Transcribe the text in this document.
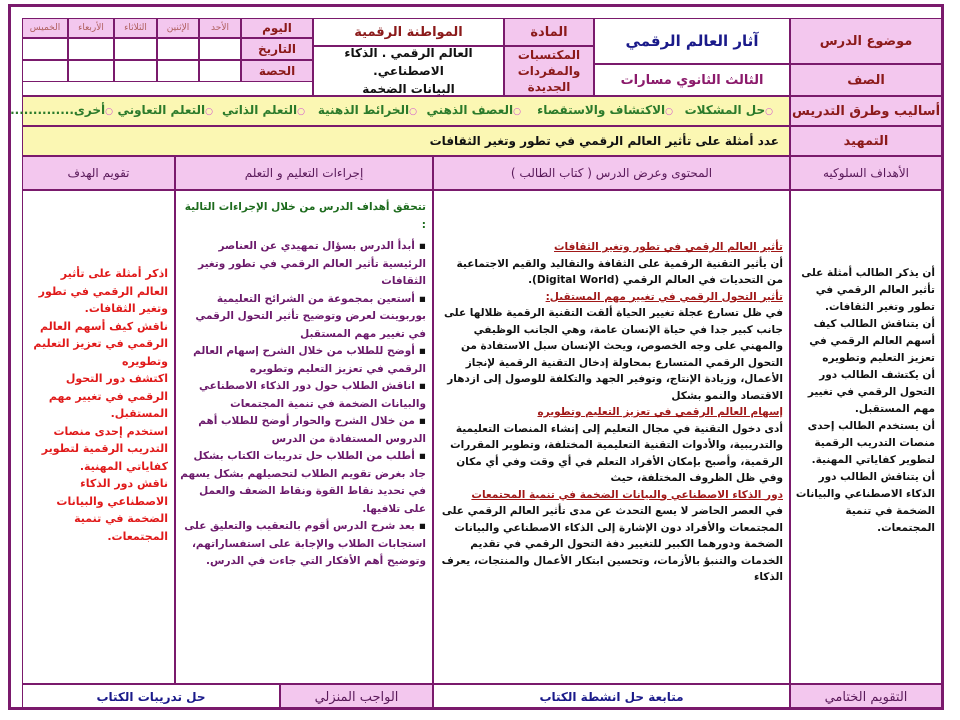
موضوع الدرس
آثار العالم الرقمي
المادة
المواطنة الرقمية
اليوم
التاريخ
الحصة
الأحد
الإثنين
الثلاثاء
الأربعاء
الخميس
المكتسبات
والمفردات الجديدة
العالم الرقمي . الذكاء الاصطناعي.
البيانات الضخمة
الصف
الثالث الثانوي مسارات
أساليب وطرق التدريس
○حل المشكلات
○الاكتشاف والاستقصاء
○العصف الذهني
○الخرائط الذهنية
○التعلم الذاتي
○التعلم التعاوني
○أخرى..............
التمهيد
عدد أمثلة على تأثير العالم الرقمي في تطور وتغير الثقافات
الأهداف السلوكيه
المحتوى وعرض الدرس ( كتاب الطالب )
إجراءات التعليم و التعلم
تقويم الهدف
أن يذكر الطالب أمثلة على تأثير العالم الرقمي في تطور وتغير الثقافات.
أن يتناقش الطالب كيف أسهم العالم الرقمي في تعزيز التعليم وتطويره
أن يكتشف الطالب دور التحول الرقمي في تغيير مهم المستقبل.
أن يستخدم الطالب إحدى منصات التدريب الرقمية لتطوير كفاياتي المهنية.
أن يتناقش الطالب دور الذكاء الاصطناعي والبيانات الضخمة في تنمية المجتمعات.
تأثير العالم الرقمي في تطور وتغير الثقافات
أن يأثير التقنية الرقمية على الثقافة والتقاليد والقيم الاجتماعية من التحديات في العالم الرقمي (Digital World).
تأثير التحول الرقمي في تغيير مهم المستقبل:
في ظل تسارع عجلة تغيير الحياة ألقت التقنية الرقمية ظلالها على جانب كبير جدا في حياة الإنسان عامة، وهي الجانب الوظيفي والمهني على وجه الخصوص، ويحث الإنسان سبل الاستفادة من التحول الرقمي المتسارع بمحاولة إدخال التقنية الرقمية لإنجاز الأعمال، وزيادة الإنتاج، وتوفير الجهد والتكلفة للوصول إلى ازدهار الاقتصاد والنمو بشكل
إسهام العالم الرقمي في تعزيز التعليم وتطويره
أدى دخول التقنية في مجال التعليم إلى إنشاء المنصات التعليمية والتدريبية، والأدوات التقنية التعليمية المختلفة، وتطوير المقررات الرقمية، وأصبح بإمكان الأفراد التعلم في أي وقت وفي أي مكان وفي ظل الظروف المختلفة، حيث
دور الذكاء الاصطناعي والبيانات الضخمة في تنمية المجتمعات
في العصر الحاضر لا يسع التحدث عن مدى تأثير العالم الرقمي على المجتمعات والأفراد دون الإشارة إلى الذكاء الاصطناعي والبيانات الضخمة ودورهما الكبير للتغيير دفة التحول الرقمي في تقديم الخدمات والتنبؤ بالأزمات، وتحسين ابتكار الأعمال والمنتجات، يعرف الذكاء
تتحقق أهداف الدرس من خلال الإجراءات التالية :
▪ أبدأ الدرس بسؤال تمهيدي عن العناصر الرئيسية تأثير العالم الرقمي في تطور وتغير الثقافات
▪ أستعين بمجموعة من الشرائح التعليمية بوربوينت لعرض وتوضيح تأثير التحول الرقمي في تغيير مهم المستقبل
▪ أوضح للطلاب من خلال الشرح إسهام العالم الرقمي في تعزيز التعليم وتطويره
▪ اناقش الطلاب حول دور الذكاء الاصطناعي والبيانات الضخمة في تنمية المجتمعات
▪ من خلال الشرح والحوار أوضح للطلاب أهم الدروس المستفادة من الدرس
▪ أطلب من الطلاب حل تدريبات الكتاب بشكل جاد بغرض تقويم الطلاب لتحصيلهم بشكل يسهم في تحديد نقاط القوة ونقاط الضعف والعمل على تلافيها.
▪ بعد شرح الدرس أقوم بالتعقيب والتعليق على استجابات الطلاب والإجابة على استفساراتهم، وتوضيح أهم الأفكار التي جاءت في الدرس.
اذكر أمثلة على تأثير العالم الرقمي في تطور وتغير الثقافات.
ناقش كيف أسهم العالم الرقمي في تعزيز التعليم وتطويره
اكتشف دور التحول الرقمي في تغيير مهم المستقبل.
استخدم إحدى منصات التدريب الرقمية لتطوير كفاياتي المهنية.
ناقش دور الذكاء الاصطناعي والبيانات الضخمة في تنمية المجتمعات.
التقويم الختامي
متابعة حل انشطة الكتاب
الواجب المنزلي
حل تدريبات الكتاب
